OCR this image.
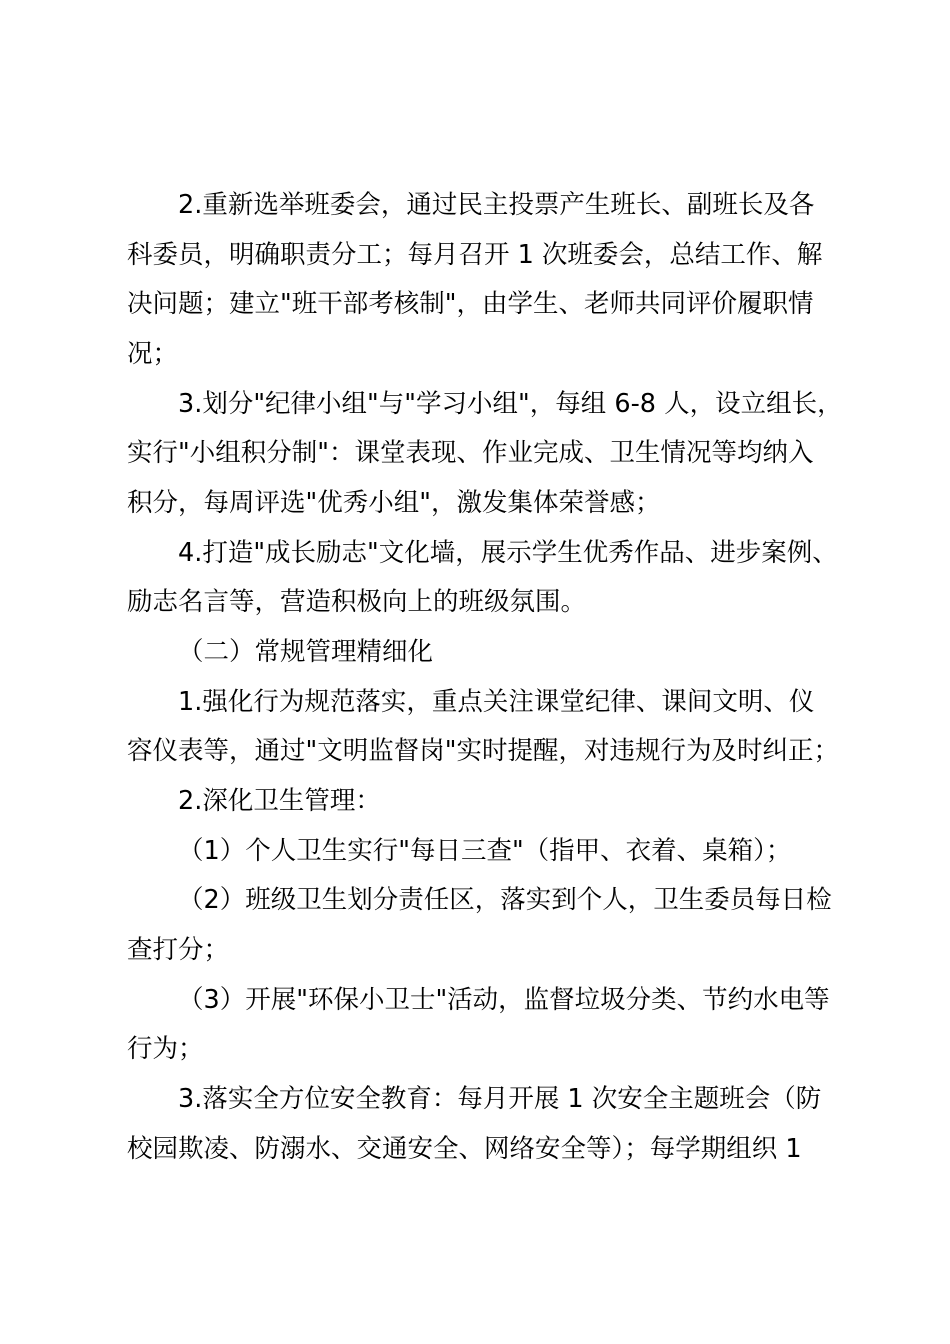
2.重新选举班委会，通过民主投票产生班长、副班长及各
科委员，明确职责分工；每月召开 1 次班委会，总结工作、解
决问题；建立"班干部考核制"，由学生、老师共同评价履职情
况；
3.划分"纪律小组"与"学习小组"，每组 6-8 人，设立组长，
实行"小组积分制"：课堂表现、作业完成、卫生情况等均纳入
积分，每周评选"优秀小组"，激发集体荣誉感；
4.打造"成长励志"文化墙，展示学生优秀作品、进步案例、
励志名言等，营造积极向上的班级氛围。
（二）常规管理精细化
1.强化行为规范落实，重点关注课堂纪律、课间文明、仪
容仪表等，通过"文明监督岗"实时提醒，对违规行为及时纠正；
2.深化卫生管理：
（1）个人卫生实行"每日三查"（指甲、衣着、桌箱）；
（2）班级卫生划分责任区，落实到个人，卫生委员每日检
查打分；
（3）开展"环保小卫士"活动，监督垃圾分类、节约水电等
行为；
3.落实全方位安全教育：每月开展 1 次安全主题班会（防
校园欺凌、防溺水、交通安全、网络安全等）；每学期组织 1
